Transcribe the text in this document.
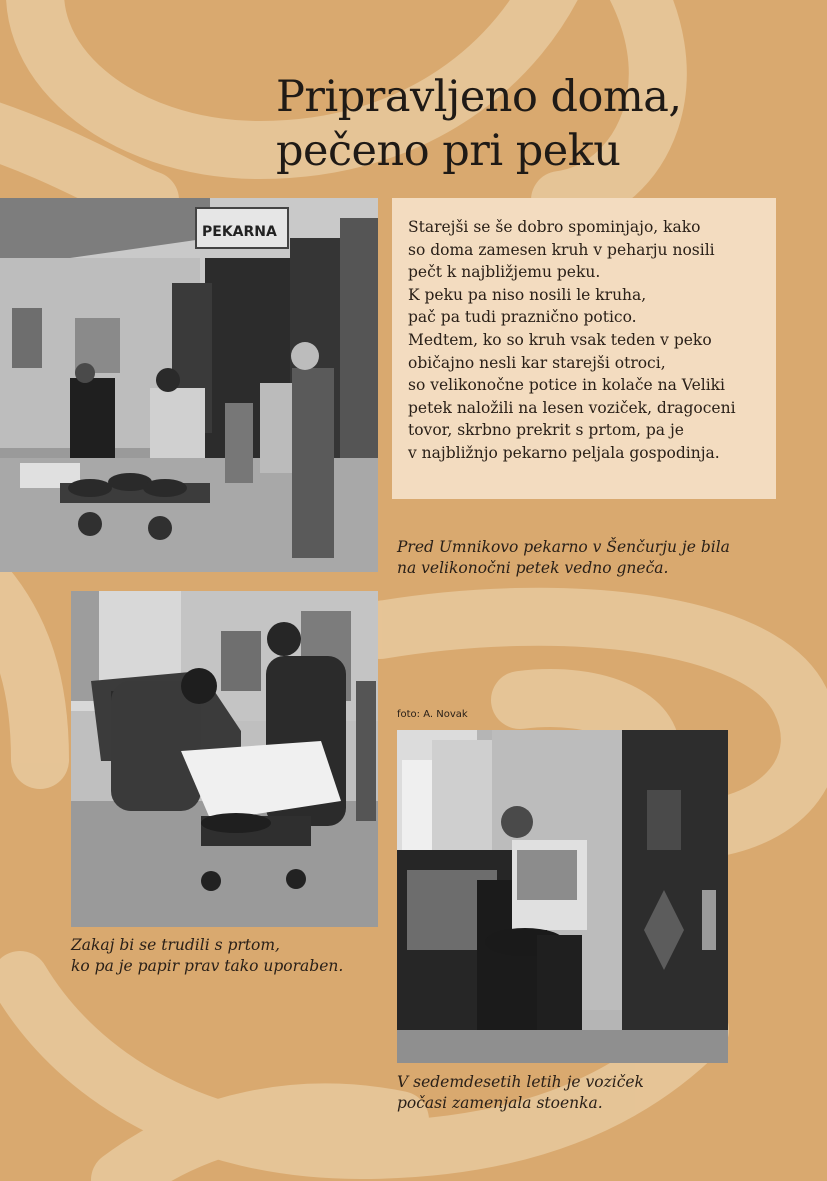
Pripravljeno doma,
pečeno pri peku
PEKARNA	Starejši se še dobro spominjajo, kako
so doma zamesen kruh v peharju nosili
pečt k najbližjemu peku.
K peku pa niso nosili le kruha,
pač pa tudi praznično potico.
Medtem, ko so kruh vsak teden v peko
običajno nesli kar starejši otroci,
so velikonočne potice in kolače na Veliki
petek naložili na lesen voziček, dragoceni
tovor, skrbno prekrit s prtom, pa je
v najbližnjo pekarno peljala gospodinja.

Pred Umnikovo pekarno v Šenčurju je bila
na velikonočni petek vedno gneča.

Zakaj bi se trudili s prtom,
ko pa je papir prav tako uporaben.

foto: A. Novak

V sedemdesetih letih je voziček
počasi zamenjala stoenka.
